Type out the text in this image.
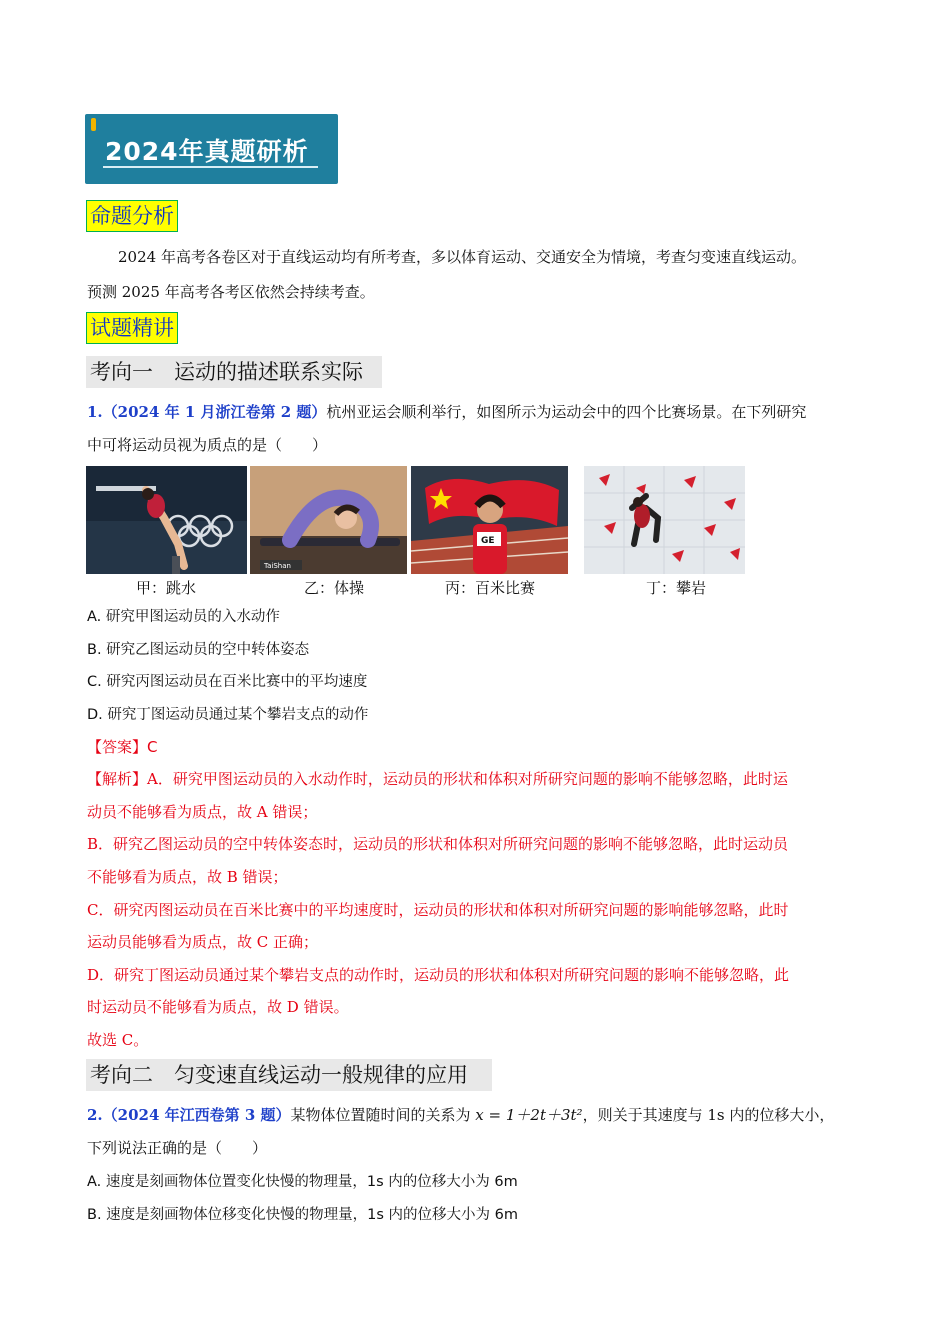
2024年真题研析
命题分析
2024 年高考各卷区对于直线运动均有所考查，多以体育运动、交通安全为情境，考查匀变速直线运动。
预测 2025 年高考各考区依然会持续考查。
试题精讲
考向一　运动的描述联系实际
1.（2024 年 1 月浙江卷第 2 题）杭州亚运会顺利举行，如图所示为运动会中的四个比赛场景。在下列研究
中可将运动员视为质点的是（　　）
TaiShan
GE
甲：跳水	乙：体操	丙：百米比赛	丁：攀岩
A. 研究甲图运动员的入水动作
B. 研究乙图运动员的空中转体姿态
C. 研究丙图运动员在百米比赛中的平均速度
D. 研究丁图运动员通过某个攀岩支点的动作
【答案】C
【解析】A．研究甲图运动员的入水动作时，运动员的形状和体积对所研究问题的影响不能够忽略，此时运
动员不能够看为质点，故 A 错误；
B．研究乙图运动员的空中转体姿态时，运动员的形状和体积对所研究问题的影响不能够忽略，此时运动员
不能够看为质点，故 B 错误；
C．研究丙图运动员在百米比赛中的平均速度时，运动员的形状和体积对所研究问题的影响能够忽略，此时
运动员能够看为质点，故 C 正确；
D．研究丁图运动员通过某个攀岩支点的动作时，运动员的形状和体积对所研究问题的影响不能够忽略，此
时运动员不能够看为质点，故 D 错误。
故选 C。
考向二　匀变速直线运动一般规律的应用
2.（2024 年江西卷第 3 题）某物体位置随时间的关系为 x = 1＋2t＋3t²，则关于其速度与 1s 内的位移大小，
下列说法正确的是（　　）
A. 速度是刻画物体位置变化快慢的物理量，1s 内的位移大小为 6m
B. 速度是刻画物体位移变化快慢的物理量，1s 内的位移大小为 6m
